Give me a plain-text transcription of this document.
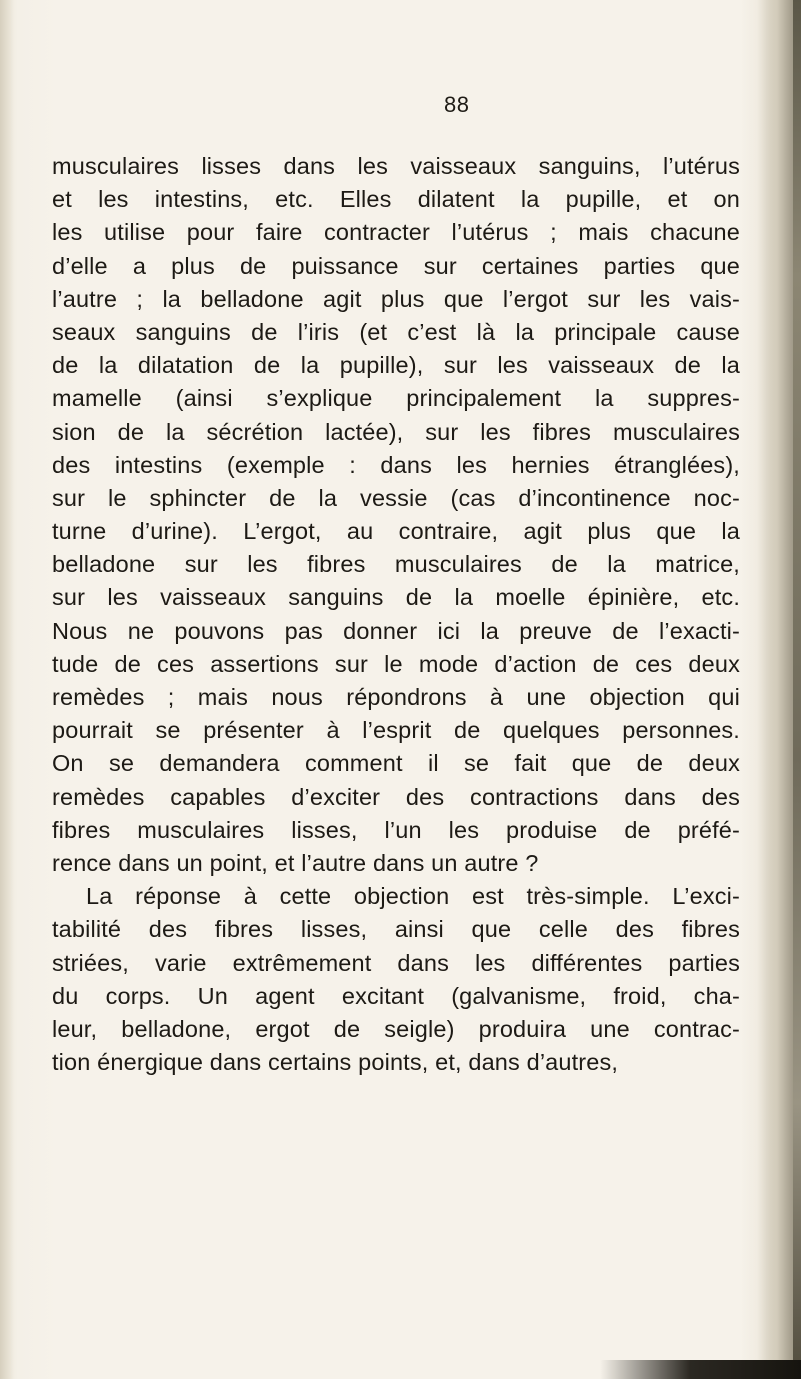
88
musculaires lisses dans les vaisseaux sanguins, l’utérus
et les intestins, etc. Elles dilatent la pupille, et on
les utilise pour faire contracter l’utérus ; mais chacune
d’elle a plus de puissance sur certaines parties que
l’autre ; la belladone agit plus que l’ergot sur les vais-
seaux sanguins de l’iris (et c’est là la principale cause
de la dilatation de la pupille), sur les vaisseaux de la
mamelle (ainsi s’explique principalement la suppres-
sion de la sécrétion lactée), sur les fibres musculaires
des intestins (exemple : dans les hernies étranglées),
sur le sphincter de la vessie (cas d’incontinence noc-
turne d’urine). L’ergot, au contraire, agit plus que la
belladone sur les fibres musculaires de la matrice,
sur les vaisseaux sanguins de la moelle épinière, etc.
Nous ne pouvons pas donner ici la preuve de l’exacti-
tude de ces assertions sur le mode d’action de ces deux
remèdes ; mais nous répondrons à une objection qui
pourrait se présenter à l’esprit de quelques personnes.
On se demandera comment il se fait que de deux
remèdes capables d’exciter des contractions dans des
fibres musculaires lisses, l’un les produise de préfé-
rence dans un point, et l’autre dans un autre ?
La réponse à cette objection est très-simple. L’exci-
tabilité des fibres lisses, ainsi que celle des fibres
striées, varie extrêmement dans les différentes parties
du corps. Un agent excitant (galvanisme, froid, cha-
leur, belladone, ergot de seigle) produira une contrac-
tion énergique dans certains points, et, dans d’autres,
